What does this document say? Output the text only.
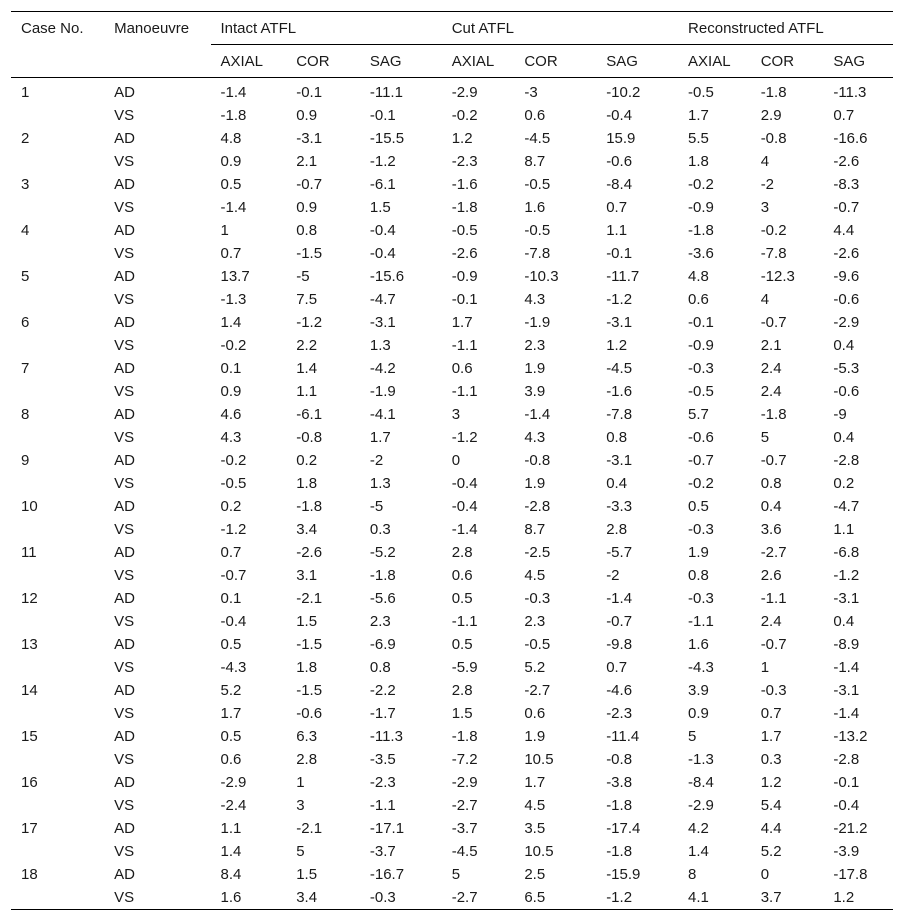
Case No.	Manoeuvre	Intact ATFL			Cut ATFL			Reconstructed ATFL		
		AXIAL	COR	SAG	AXIAL	COR	SAG	AXIAL	COR	SAG
1	AD	-1.4	-0.1	-11.1	-2.9	-3	-10.2	-0.5	-1.8	-11.3
	VS	-1.8	0.9	-0.1	-0.2	0.6	-0.4	1.7	2.9	0.7
2	AD	4.8	-3.1	-15.5	1.2	-4.5	15.9	5.5	-0.8	-16.6
	VS	0.9	2.1	-1.2	-2.3	8.7	-0.6	1.8	4	-2.6
3	AD	0.5	-0.7	-6.1	-1.6	-0.5	-8.4	-0.2	-2	-8.3
	VS	-1.4	0.9	1.5	-1.8	1.6	0.7	-0.9	3	-0.7
4	AD	1	0.8	-0.4	-0.5	-0.5	1.1	-1.8	-0.2	4.4
	VS	0.7	-1.5	-0.4	-2.6	-7.8	-0.1	-3.6	-7.8	-2.6
5	AD	13.7	-5	-15.6	-0.9	-10.3	-11.7	4.8	-12.3	-9.6
	VS	-1.3	7.5	-4.7	-0.1	4.3	-1.2	0.6	4	-0.6
6	AD	1.4	-1.2	-3.1	1.7	-1.9	-3.1	-0.1	-0.7	-2.9
	VS	-0.2	2.2	1.3	-1.1	2.3	1.2	-0.9	2.1	0.4
7	AD	0.1	1.4	-4.2	0.6	1.9	-4.5	-0.3	2.4	-5.3
	VS	0.9	1.1	-1.9	-1.1	3.9	-1.6	-0.5	2.4	-0.6
8	AD	4.6	-6.1	-4.1	3	-1.4	-7.8	5.7	-1.8	-9
	VS	4.3	-0.8	1.7	-1.2	4.3	0.8	-0.6	5	0.4
9	AD	-0.2	0.2	-2	0	-0.8	-3.1	-0.7	-0.7	-2.8
	VS	-0.5	1.8	1.3	-0.4	1.9	0.4	-0.2	0.8	0.2
10	AD	0.2	-1.8	-5	-0.4	-2.8	-3.3	0.5	0.4	-4.7
	VS	-1.2	3.4	0.3	-1.4	8.7	2.8	-0.3	3.6	1.1
11	AD	0.7	-2.6	-5.2	2.8	-2.5	-5.7	1.9	-2.7	-6.8
	VS	-0.7	3.1	-1.8	0.6	4.5	-2	0.8	2.6	-1.2
12	AD	0.1	-2.1	-5.6	0.5	-0.3	-1.4	-0.3	-1.1	-3.1
	VS	-0.4	1.5	2.3	-1.1	2.3	-0.7	-1.1	2.4	0.4
13	AD	0.5	-1.5	-6.9	0.5	-0.5	-9.8	1.6	-0.7	-8.9
	VS	-4.3	1.8	0.8	-5.9	5.2	0.7	-4.3	1	-1.4
14	AD	5.2	-1.5	-2.2	2.8	-2.7	-4.6	3.9	-0.3	-3.1
	VS	1.7	-0.6	-1.7	1.5	0.6	-2.3	0.9	0.7	-1.4
15	AD	0.5	6.3	-11.3	-1.8	1.9	-11.4	5	1.7	-13.2
	VS	0.6	2.8	-3.5	-7.2	10.5	-0.8	-1.3	0.3	-2.8
16	AD	-2.9	1	-2.3	-2.9	1.7	-3.8	-8.4	1.2	-0.1
	VS	-2.4	3	-1.1	-2.7	4.5	-1.8	-2.9	5.4	-0.4
17	AD	1.1	-2.1	-17.1	-3.7	3.5	-17.4	4.2	4.4	-21.2
	VS	1.4	5	-3.7	-4.5	10.5	-1.8	1.4	5.2	-3.9
18	AD	8.4	1.5	-16.7	5	2.5	-15.9	8	0	-17.8
	VS	1.6	3.4	-0.3	-2.7	6.5	-1.2	4.1	3.7	1.2
